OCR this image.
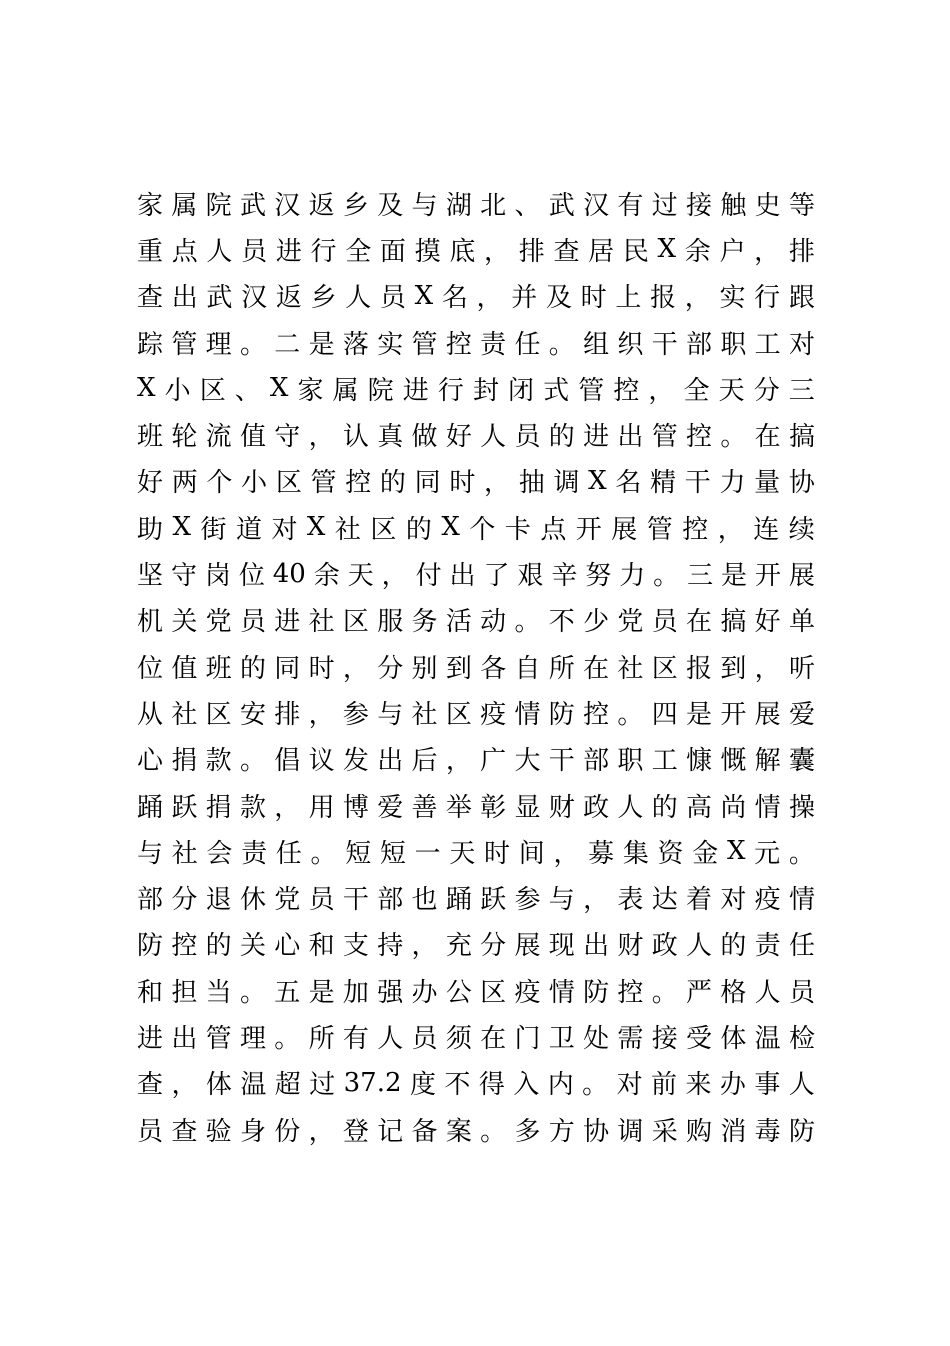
家 属 院 武 汉 返 乡 及 与 湖 北 、 武 汉 有 过 接 触 史 等
重 点 人 员 进 行 全 面 摸 底 ， 排 查 居 民 X 余 户 ， 排
查 出 武 汉 返 乡 人 员 X 名 ， 并 及 时 上 报 ， 实 行 跟
踪 管 理 。 二 是 落 实 管 控 责 任 。 组 织 干 部 职 工 对
X 小 区 、 X 家 属 院 进 行 封 闭 式 管 控 ， 全 天 分 三
班 轮 流 值 守 ， 认 真 做 好 人 员 的 进 出 管 控 。 在 搞
好 两 个 小 区 管 控 的 同 时 ， 抽 调 X 名 精 干 力 量 协
助 X 街 道 对 X 社 区 的 X 个 卡 点 开 展 管 控 ， 连 续
坚 守 岗 位 40 余 天 ， 付 出 了 艰 辛 努 力 。 三 是 开 展
机 关 党 员 进 社 区 服 务 活 动 。 不 少 党 员 在 搞 好 单
位 值 班 的 同 时 ， 分 别 到 各 自 所 在 社 区 报 到 ， 听
从 社 区 安 排 ， 参 与 社 区 疫 情 防 控 。 四 是 开 展 爱
心 捐 款 。 倡 议 发 出 后 ， 广 大 干 部 职 工 慷 慨 解 囊
踊 跃 捐 款 ， 用 博 爱 善 举 彰 显 财 政 人 的 高 尚 情 操
与 社 会 责 任 。 短 短 一 天 时 间 ， 募 集 资 金 X 元 。
部 分 退 休 党 员 干 部 也 踊 跃 参 与 ， 表 达 着 对 疫 情
防 控 的 关 心 和 支 持 ， 充 分 展 现 出 财 政 人 的 责 任
和 担 当 。 五 是 加 强 办 公 区 疫 情 防 控 。 严 格 人 员
进 出 管 理 。 所 有 人 员 须 在 门 卫 处 需 接 受 体 温 检
查 ， 体 温 超 过 37.2 度 不 得 入 内 。 对 前 来 办 事 人
员 查 验 身 份 ， 登 记 备 案 。 多 方 协 调 采 购 消 毒 防
